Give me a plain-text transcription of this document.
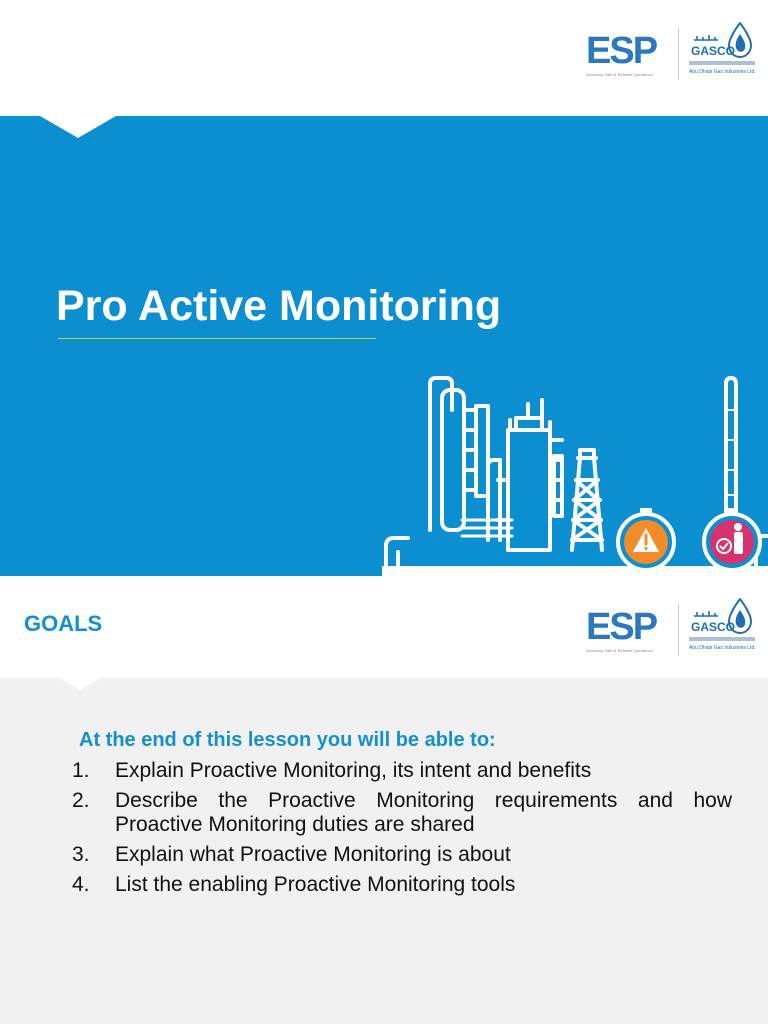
ESP
Achieving Safe & Reliable Operations
GASCO
Abu Dhabi Gas Industries Ltd.
Pro Active Monitoring
GOALS	ESP
Achieving Safe & Reliable Operations
GASCO
Abu Dhabi Gas Industries Ltd.
At the end of this lesson you will be able to:
1.	Explain Proactive Monitoring, its intent and benefits
2.	Describe the Proactive Monitoring requirements and how Proactive Monitoring duties are shared
3.	Explain what Proactive Monitoring is about
4.	List the enabling Proactive Monitoring tools
